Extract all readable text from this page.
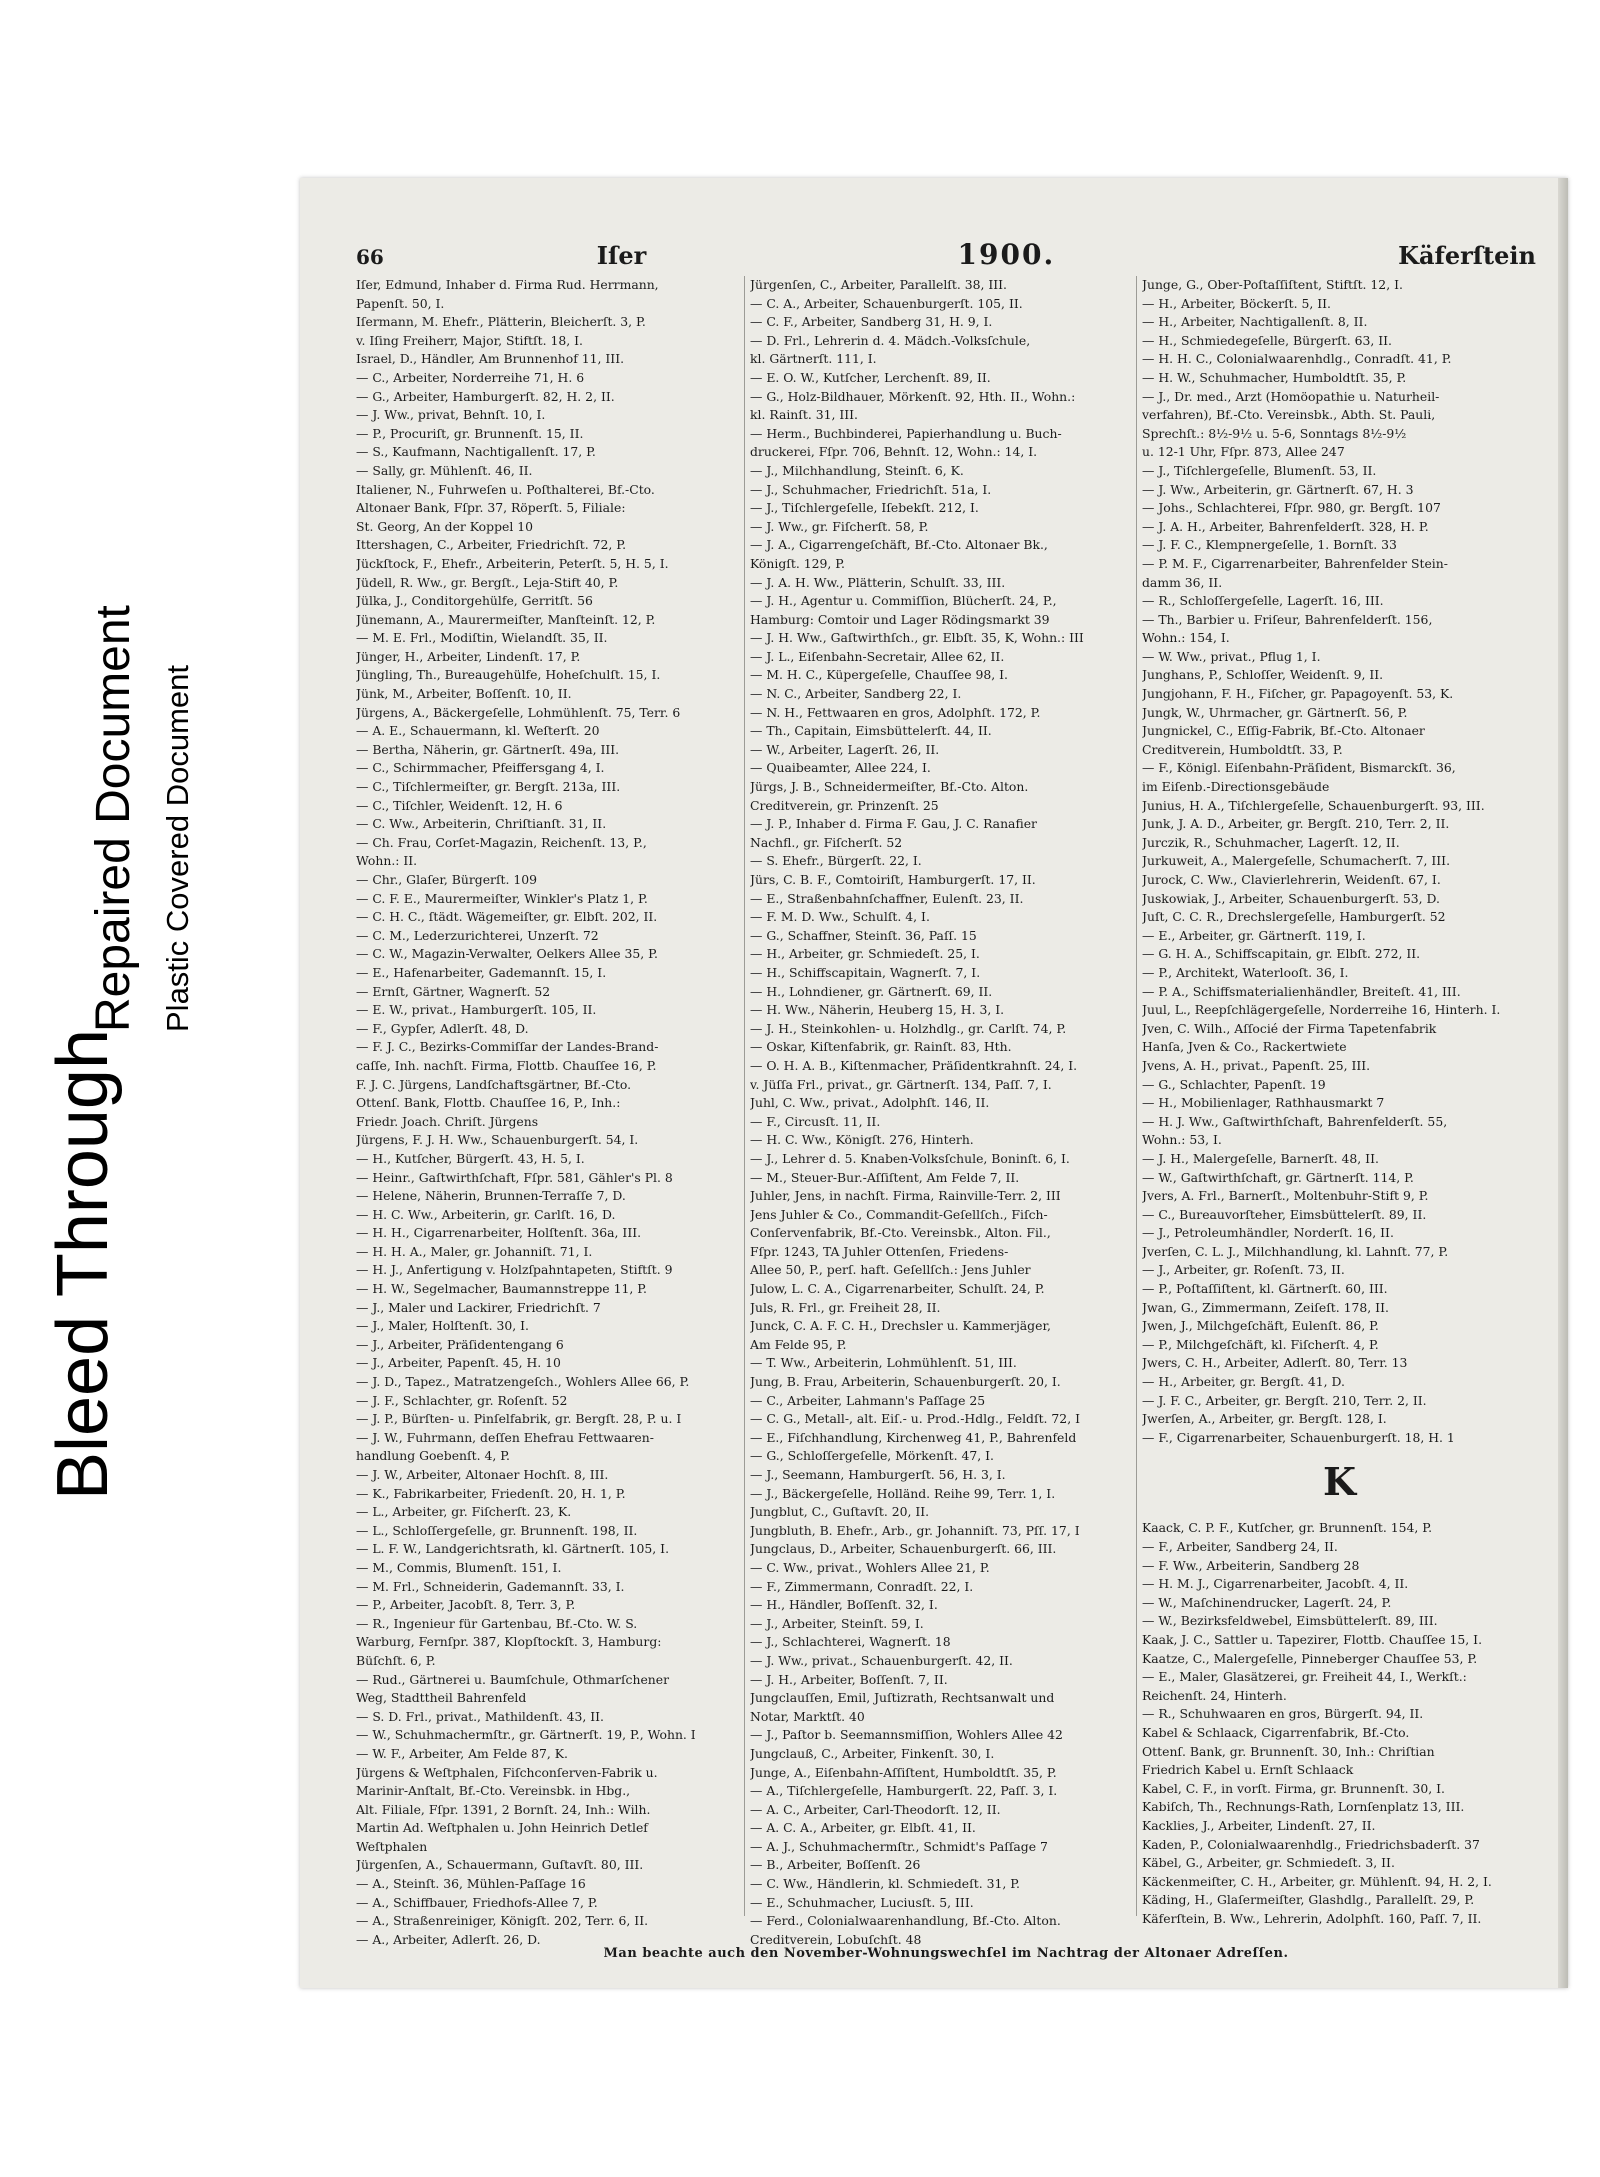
Bleed Through
Repaired Document Plastic Covered Document
66	Iſer	1900.	Käferſtein
Iſer, Edmund, Inhaber d. Firma Rud. Herrmann,
Papenſt. 50, I.
Iſermann, M. Ehefr., Plätterin, Bleicherſt. 3, P.
v. Iſing Freiherr, Major, Stiftſt. 18, I.
Israel, D., Händler, Am Brunnenhof 11, III.
— C., Arbeiter, Norderreihe 71, H. 6
— G., Arbeiter, Hamburgerſt. 82, H. 2, II.
— J. Ww., privat, Behnſt. 10, I.
— P., Procuriſt, gr. Brunnenſt. 15, II.
— S., Kaufmann, Nachtigallenſt. 17, P.
— Sally, gr. Mühlenſt. 46, II.
Italiener, N., Fuhrweſen u. Poſthalterei, Bf.-Cto.
Altonaer Bank, Fſpr. 37, Röperſt. 5, Filiale:
St. Georg, An der Koppel 10
Ittershagen, C., Arbeiter, Friedrichſt. 72, P.
Jückſtock, F., Ehefr., Arbeiterin, Peterſt. 5, H. 5, I.
Jüdell, R. Ww., gr. Bergſt., Leja-Stift 40, P.
Jülka, J., Conditorgehülfe, Gerritſt. 56
Jünemann, A., Maurermeiſter, Manſteinſt. 12, P.
— M. E. Frl., Modiſtin, Wielandſt. 35, II.
Jünger, H., Arbeiter, Lindenſt. 17, P.
Jüngling, Th., Bureaugehülfe, Hoheſchulſt. 15, I.
Jünk, M., Arbeiter, Boſſenſt. 10, II.
Jürgens, A., Bäckergeſelle, Lohmühlenſt. 75, Terr. 6
— A. E., Schauermann, kl. Weſterſt. 20
— Bertha, Näherin, gr. Gärtnerſt. 49a, III.
— C., Schirmmacher, Pfeiffersgang 4, I.
— C., Tiſchlermeiſter, gr. Bergſt. 213a, III.
— C., Tiſchler, Weidenſt. 12, H. 6
— C. Ww., Arbeiterin, Chriſtianſt. 31, II.
— Ch. Frau, Corſet-Magazin, Reichenſt. 13, P.,
Wohn.: II.
— Chr., Glaſer, Bürgerſt. 109
— C. F. E., Maurermeiſter, Winkler's Platz 1, P.
— C. H. C., ſtädt. Wägemeiſter, gr. Elbſt. 202, II.
— C. M., Lederzurichterei, Unzerſt. 72
— C. W., Magazin-Verwalter, Oelkers Allee 35, P.
— E., Hafenarbeiter, Gademannſt. 15, I.
— Ernſt, Gärtner, Wagnerſt. 52
— E. W., privat., Hamburgerſt. 105, II.
— F., Gypſer, Adlerſt. 48, D.
— F. J. C., Bezirks-Commiſſar der Landes-Brand-
caſſe, Inh. nachſt. Firma, Flottb. Chauſſee 16, P.
F. J. C. Jürgens, Landſchaftsgärtner, Bf.-Cto.
Ottenſ. Bank, Flottb. Chauſſee 16, P., Inh.:
Friedr. Joach. Chriſt. Jürgens
Jürgens, F. J. H. Ww., Schauenburgerſt. 54, I.
— H., Kutſcher, Bürgerſt. 43, H. 5, I.
— Heinr., Gaſtwirthſchaft, Fſpr. 581, Gähler's Pl. 8
— Helene, Näherin, Brunnen-Terraſſe 7, D.
— H. C. Ww., Arbeiterin, gr. Carlſt. 16, D.
— H. H., Cigarrenarbeiter, Holſtenſt. 36a, III.
— H. H. A., Maler, gr. Johanniſt. 71, I.
— H. J., Anfertigung v. Holzſpahntapeten, Stiftſt. 9
— H. W., Segelmacher, Baumannstreppe 11, P.
— J., Maler und Lackirer, Friedrichſt. 7
— J., Maler, Holſtenſt. 30, I.
— J., Arbeiter, Präſidentengang 6
— J., Arbeiter, Papenſt. 45, H. 10
— J. D., Tapez., Matratzengeſch., Wohlers Allee 66, P.
— J. F., Schlachter, gr. Roſenſt. 52
— J. P., Bürſten- u. Pinſelfabrik, gr. Bergſt. 28, P. u. I
— J. W., Fuhrmann, deſſen Ehefrau Fettwaaren-
handlung Goebenſt. 4, P.
— J. W., Arbeiter, Altonaer Hochſt. 8, III.
— K., Fabrikarbeiter, Friedenſt. 20, H. 1, P.
— L., Arbeiter, gr. Fiſcherſt. 23, K.
— L., Schloſſergeſelle, gr. Brunnenſt. 198, II.
— L. F. W., Landgerichtsrath, kl. Gärtnerſt. 105, I.
— M., Commis, Blumenſt. 151, I.
— M. Frl., Schneiderin, Gademannſt. 33, I.
— P., Arbeiter, Jacobſt. 8, Terr. 3, P.
— R., Ingenieur für Gartenbau, Bf.-Cto. W. S.
Warburg, Fernſpr. 387, Klopſtockſt. 3, Hamburg:
Büſchſt. 6, P.
— Rud., Gärtnerei u. Baumſchule, Othmarſchener
Weg, Stadttheil Bahrenfeld
— S. D. Frl., privat., Mathildenſt. 43, II.
— W., Schuhmachermſtr., gr. Gärtnerſt. 19, P., Wohn. I
— W. F., Arbeiter, Am Felde 87, K.
Jürgens & Weſtphalen, Fiſchconſerven-Fabrik u.
Marinir-Anſtalt, Bf.-Cto. Vereinsbk. in Hbg.,
Alt. Filiale, Fſpr. 1391, 2 Bornſt. 24, Inh.: Wilh.
Martin Ad. Weſtphalen u. John Heinrich Detlef
Weſtphalen
Jürgenſen, A., Schauermann, Guſtavſt. 80, III.
— A., Steinſt. 36, Mühlen-Paſſage 16
— A., Schiffbauer, Friedhofs-Allee 7, P.
— A., Straßenreiniger, Königſt. 202, Terr. 6, II.
— A., Arbeiter, Adlerſt. 26, D.
Jürgenſen, C., Arbeiter, Parallelſt. 38, III.
— C. A., Arbeiter, Schauenburgerſt. 105, II.
— C. F., Arbeiter, Sandberg 31, H. 9, I.
— D. Frl., Lehrerin d. 4. Mädch.-Volksſchule,
kl. Gärtnerſt. 111, I.
— E. O. W., Kutſcher, Lerchenſt. 89, II.
— G., Holz-Bildhauer, Mörkenſt. 92, Hth. II., Wohn.:
kl. Rainſt. 31, III.
— Herm., Buchbinderei, Papierhandlung u. Buch-
druckerei, Fſpr. 706, Behnſt. 12, Wohn.: 14, I.
— J., Milchhandlung, Steinſt. 6, K.
— J., Schuhmacher, Friedrichſt. 51a, I.
— J., Tiſchlergeſelle, Iſebekſt. 212, I.
— J. Ww., gr. Fiſcherſt. 58, P.
— J. A., Cigarrengeſchäft, Bf.-Cto. Altonaer Bk.,
Königſt. 129, P.
— J. A. H. Ww., Plätterin, Schulſt. 33, III.
— J. H., Agentur u. Commiſſion, Blücherſt. 24, P.,
Hamburg: Comtoir und Lager Rödingsmarkt 39
— J. H. Ww., Gaſtwirthſch., gr. Elbſt. 35, K, Wohn.: III
— J. L., Eiſenbahn-Secretair, Allee 62, II.
— M. H. C., Küpergeſelle, Chauſſee 98, I.
— N. C., Arbeiter, Sandberg 22, I.
— N. H., Fettwaaren en gros, Adolphſt. 172, P.
— Th., Capitain, Eimsbüttelerſt. 44, II.
— W., Arbeiter, Lagerſt. 26, II.
— Quaibeamter, Allee 224, I.
Jürgs, J. B., Schneidermeiſter, Bf.-Cto. Alton.
Creditverein, gr. Prinzenſt. 25
— J. P., Inhaber d. Firma F. Gau, J. C. Ranafier
Nachfl., gr. Fiſcherſt. 52
— S. Ehefr., Bürgerſt. 22, I.
Jürs, C. B. F., Comtoiriſt, Hamburgerſt. 17, II.
— E., Straßenbahnſchaffner, Eulenſt. 23, II.
— F. M. D. Ww., Schulſt. 4, I.
— G., Schaffner, Steinſt. 36, Paſſ. 15
— H., Arbeiter, gr. Schmiedeſt. 25, I.
— H., Schiffscapitain, Wagnerſt. 7, I.
— H., Lohndiener, gr. Gärtnerſt. 69, II.
— H. Ww., Näherin, Heuberg 15, H. 3, I.
— J. H., Steinkohlen- u. Holzhdlg., gr. Carlſt. 74, P.
— Oskar, Kiſtenfabrik, gr. Rainſt. 83, Hth.
— O. H. A. B., Kiſtenmacher, Präſidentkrahnſt. 24, I.
v. Jüſſa Frl., privat., gr. Gärtnerſt. 134, Paſſ. 7, I.
Juhl, C. Ww., privat., Adolphſt. 146, II.
— F., Circusſt. 11, II.
— H. C. Ww., Königſt. 276, Hinterh.
— J., Lehrer d. 5. Knaben-Volksſchule, Boninſt. 6, I.
— M., Steuer-Bur.-Aſſiſtent, Am Felde 7, II.
Juhler, Jens, in nachſt. Firma, Rainville-Terr. 2, III
Jens Juhler & Co., Commandit-Geſellſch., Fiſch-
Conſervenfabrik, Bf.-Cto. Vereinsbk., Alton. Fil.,
Fſpr. 1243, TA Juhler Ottenſen, Friedens-
Allee 50, P., perſ. haft. Geſellſch.: Jens Juhler
Julow, L. C. A., Cigarrenarbeiter, Schulſt. 24, P.
Juls, R. Frl., gr. Freiheit 28, II.
Junck, C. A. F. C. H., Drechsler u. Kammerjäger,
Am Felde 95, P.
— T. Ww., Arbeiterin, Lohmühlenſt. 51, III.
Jung, B. Frau, Arbeiterin, Schauenburgerſt. 20, I.
— C., Arbeiter, Lahmann's Paſſage 25
— C. G., Metall-, alt. Eiſ.- u. Prod.-Hdlg., Feldſt. 72, I
— E., Fiſchhandlung, Kirchenweg 41, P., Bahrenfeld
— G., Schloſſergeſelle, Mörkenſt. 47, I.
— J., Seemann, Hamburgerſt. 56, H. 3, I.
— J., Bäckergeſelle, Holländ. Reihe 99, Terr. 1, I.
Jungblut, C., Guſtavſt. 20, II.
Jungbluth, B. Ehefr., Arb., gr. Johanniſt. 73, Pſſ. 17, I
Jungclaus, D., Arbeiter, Schauenburgerſt. 66, III.
— C. Ww., privat., Wohlers Allee 21, P.
— F., Zimmermann, Conradſt. 22, I.
— H., Händler, Boſſenſt. 32, I.
— J., Arbeiter, Steinſt. 59, I.
— J., Schlachterei, Wagnerſt. 18
— J. Ww., privat., Schauenburgerſt. 42, II.
— J. H., Arbeiter, Boſſenſt. 7, II.
Jungclauſſen, Emil, Juſtizrath, Rechtsanwalt und
Notar, Marktſt. 40
— J., Paſtor b. Seemannsmiſſion, Wohlers Allee 42
Jungclauß, C., Arbeiter, Finkenſt. 30, I.
Junge, A., Eiſenbahn-Aſſiſtent, Humboldtſt. 35, P.
— A., Tiſchlergeſelle, Hamburgerſt. 22, Paſſ. 3, I.
— A. C., Arbeiter, Carl-Theodorſt. 12, II.
— A. C. A., Arbeiter, gr. Elbſt. 41, II.
— A. J., Schuhmachermſtr., Schmidt's Paſſage 7
— B., Arbeiter, Boſſenſt. 26
— C. Ww., Händlerin, kl. Schmiedeſt. 31, P.
— E., Schuhmacher, Luciusſt. 5, III.
— Ferd., Colonialwaarenhandlung, Bf.-Cto. Alton.
Creditverein, Lobuſchſt. 48
Junge, G., Ober-Poſtaſſiſtent, Stiftſt. 12, I.
— H., Arbeiter, Böckerſt. 5, II.
— H., Arbeiter, Nachtigallenſt. 8, II.
— H., Schmiedegeſelle, Bürgerſt. 63, II.
— H. H. C., Colonialwaarenhdlg., Conradſt. 41, P.
— H. W., Schuhmacher, Humboldtſt. 35, P.
— J., Dr. med., Arzt (Homöopathie u. Naturheil-
verfahren), Bf.-Cto. Vereinsbk., Abth. St. Pauli,
Sprechſt.: 8½-9½ u. 5-6, Sonntags 8½-9½
u. 12-1 Uhr, Fſpr. 873, Allee 247
— J., Tiſchlergeſelle, Blumenſt. 53, II.
— J. Ww., Arbeiterin, gr. Gärtnerſt. 67, H. 3
— Johs., Schlachterei, Fſpr. 980, gr. Bergſt. 107
— J. A. H., Arbeiter, Bahrenfelderſt. 328, H. P.
— J. F. C., Klempnergeſelle, 1. Bornſt. 33
— P. M. F., Cigarrenarbeiter, Bahrenfelder Stein-
damm 36, II.
— R., Schloſſergeſelle, Lagerſt. 16, III.
— Th., Barbier u. Friſeur, Bahrenfelderſt. 156,
Wohn.: 154, I.
— W. Ww., privat., Pflug 1, I.
Junghans, P., Schloſſer, Weidenſt. 9, II.
Jungjohann, F. H., Fiſcher, gr. Papagoyenſt. 53, K.
Jungk, W., Uhrmacher, gr. Gärtnerſt. 56, P.
Jungnickel, C., Eſſig-Fabrik, Bf.-Cto. Altonaer
Creditverein, Humboldtſt. 33, P.
— F., Königl. Eiſenbahn-Präſident, Bismarckſt. 36,
im Eiſenb.-Directionsgebäude
Junius, H. A., Tiſchlergeſelle, Schauenburgerſt. 93, III.
Junk, J. A. D., Arbeiter, gr. Bergſt. 210, Terr. 2, II.
Jurczik, R., Schuhmacher, Lagerſt. 12, II.
Jurkuweit, A., Malergeſelle, Schumacherſt. 7, III.
Jurock, C. Ww., Clavierlehrerin, Weidenſt. 67, I.
Juskowiak, J., Arbeiter, Schauenburgerſt. 53, D.
Juſt, C. C. R., Drechslergeſelle, Hamburgerſt. 52
— E., Arbeiter, gr. Gärtnerſt. 119, I.
— G. H. A., Schiffscapitain, gr. Elbſt. 272, II.
— P., Architekt, Waterlooſt. 36, I.
— P. A., Schiffsmaterialienhändler, Breiteſt. 41, III.
Juul, L., Reepſchlägergeſelle, Norderreihe 16, Hinterh. I.
Jven, C. Wilh., Aſſocié der Firma Tapetenfabrik
Hanſa, Jven & Co., Rackertwiete
Jvens, A. H., privat., Papenſt. 25, III.
— G., Schlachter, Papenſt. 19
— H., Mobilienlager, Rathhausmarkt 7
— H. J. Ww., Gaſtwirthſchaft, Bahrenfelderſt. 55,
Wohn.: 53, I.
— J. H., Malergeſelle, Barnerſt. 48, II.
— W., Gaſtwirthſchaft, gr. Gärtnerſt. 114, P.
Jvers, A. Frl., Barnerſt., Moltenbuhr-Stift 9, P.
— C., Bureauvorſteher, Eimsbüttelerſt. 89, II.
— J., Petroleumhändler, Norderſt. 16, II.
Jverſen, C. L. J., Milchhandlung, kl. Lahnſt. 77, P.
— J., Arbeiter, gr. Roſenſt. 73, II.
— P., Poſtaſſiſtent, kl. Gärtnerſt. 60, III.
Jwan, G., Zimmermann, Zeiſeſt. 178, II.
Jwen, J., Milchgeſchäft, Eulenſt. 86, P.
— P., Milchgeſchäft, kl. Fiſcherſt. 4, P.
Jwers, C. H., Arbeiter, Adlerſt. 80, Terr. 13
— H., Arbeiter, gr. Bergſt. 41, D.
— J. F. C., Arbeiter, gr. Bergſt. 210, Terr. 2, II.
Jwerſen, A., Arbeiter, gr. Bergſt. 128, I.
— F., Cigarrenarbeiter, Schauenburgerſt. 18, H. 1
K
Kaack, C. P. F., Kutſcher, gr. Brunnenſt. 154, P.
— F., Arbeiter, Sandberg 24, II.
— F. Ww., Arbeiterin, Sandberg 28
— H. M. J., Cigarrenarbeiter, Jacobſt. 4, II.
— W., Maſchinendrucker, Lagerſt. 24, P.
— W., Bezirksfeldwebel, Eimsbüttelerſt. 89, III.
Kaak, J. C., Sattler u. Tapezirer, Flottb. Chauſſee 15, I.
Kaatze, C., Malergeſelle, Pinneberger Chauſſee 53, P.
— E., Maler, Glasätzerei, gr. Freiheit 44, I., Werkſt.:
Reichenſt. 24, Hinterh.
— R., Schuhwaaren en gros, Bürgerſt. 94, II.
Kabel & Schlaack, Cigarrenfabrik, Bf.-Cto.
Ottenſ. Bank, gr. Brunnenſt. 30, Inh.: Chriſtian
Friedrich Kabel u. Ernſt Schlaack
Kabel, C. F., in vorſt. Firma, gr. Brunnenſt. 30, I.
Kabiſch, Th., Rechnungs-Rath, Lornſenplatz 13, III.
Kacklies, J., Arbeiter, Lindenſt. 27, II.
Kaden, P., Colonialwaarenhdlg., Friedrichsbaderſt. 37
Käbel, G., Arbeiter, gr. Schmiedeſt. 3, II.
Käckenmeiſter, C. H., Arbeiter, gr. Mühlenſt. 94, H. 2, I.
Käding, H., Glaſermeiſter, Glashdlg., Parallelſt. 29, P.
Käferſtein, B. Ww., Lehrerin, Adolphſt. 160, Paſſ. 7, II.
Man beachte auch den November-Wohnungswechſel im Nachtrag der Altonaer Adreſſen.
